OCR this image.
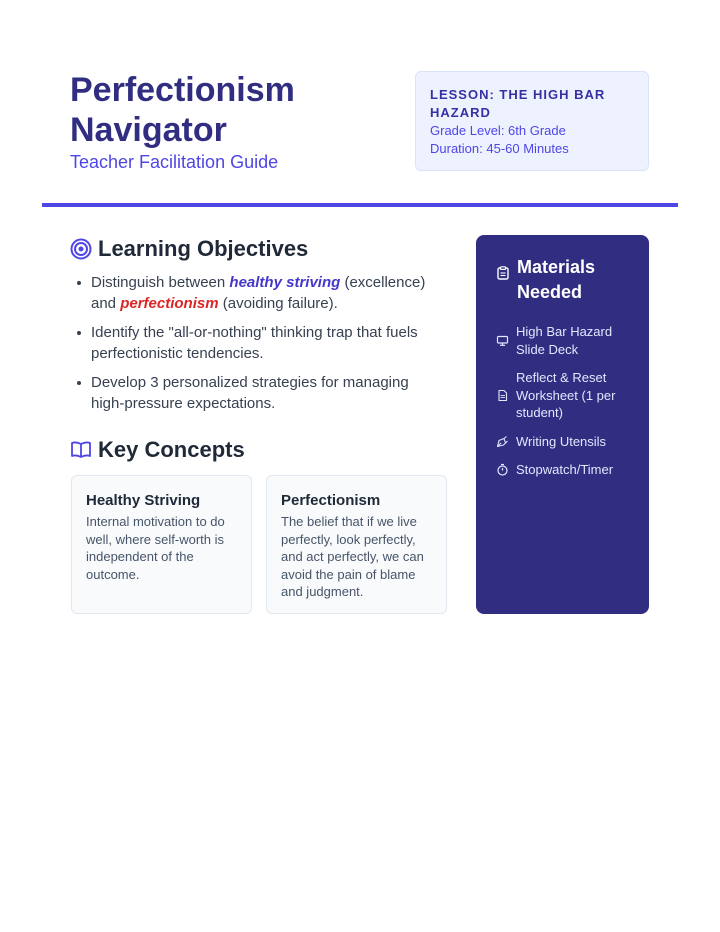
Perfectionism Navigator

Teacher Facilitation Guide

LESSON: THE HIGH BAR HAZARD

Grade Level: 6th Grade

Duration: 45-60 Minutes

Learning Objectives
Distinguish between healthy striving (excellence) and perfectionism (avoiding failure).
Identify the "all-or-nothing" thinking trap that fuels perfectionistic tendencies.
Develop 3 personalized strategies for managing high-pressure expectations.
Key Concepts
Healthy Striving

Internal motivation to do well, where self-worth is independent of the outcome.

Perfectionism

The belief that if we live perfectly, look perfectly, and act perfectly, we can avoid the pain of blame and judgment.

Materials Needed
High Bar Hazard Slide Deck
Reflect & Reset Worksheet (1 per student)
Writing Utensils
Stopwatch/Timer
